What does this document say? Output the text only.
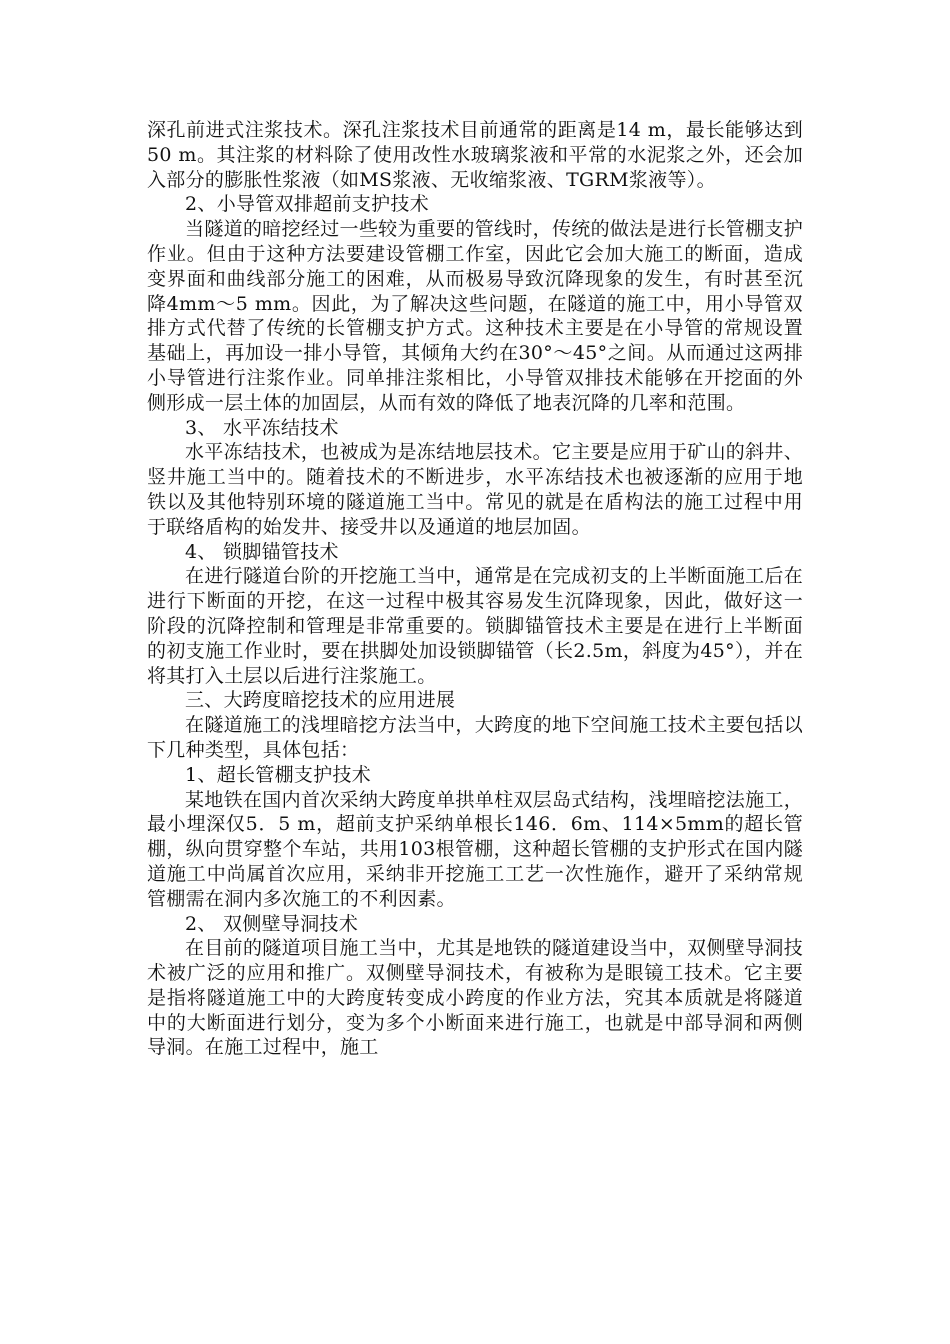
深孔前进式注浆技术。深孔注浆技术目前通常的距离是14 m，最长能够达到50 m。其注浆的材料除了使用改性水玻璃浆液和平常的水泥浆之外，还会加入部分的膨胀性浆液（如MS浆液、无收缩浆液、TGRM浆液等）。

2、小导管双排超前支护技术

当隧道的暗挖经过一些较为重要的管线时，传统的做法是进行长管棚支护作业。但由于这种方法要建设管棚工作室，因此它会加大施工的断面，造成变界面和曲线部分施工的困难，从而极易导致沉降现象的发生，有时甚至沉降4mm～5 mm。因此，为了解决这些问题，在隧道的施工中，用小导管双排方式代替了传统的长管棚支护方式。这种技术主要是在小导管的常规设置基础上，再加设一排小导管，其倾角大约在30°～45°之间。从而通过这两排小导管进行注浆作业。同单排注浆相比，小导管双排技术能够在开挖面的外侧形成一层土体的加固层，从而有效的降低了地表沉降的几率和范围。

3、 水平冻结技术

水平冻结技术，也被成为是冻结地层技术。它主要是应用于矿山的斜井、竖井施工当中的。随着技术的不断进步，水平冻结技术也被逐渐的应用于地铁以及其他特别环境的隧道施工当中。常见的就是在盾构法的施工过程中用于联络盾构的始发井、接受井以及通道的地层加固。

4、 锁脚锚管技术

在进行隧道台阶的开挖施工当中，通常是在完成初支的上半断面施工后在进行下断面的开挖，在这一过程中极其容易发生沉降现象，因此，做好这一阶段的沉降控制和管理是非常重要的。锁脚锚管技术主要是在进行上半断面的初支施工作业时，要在拱脚处加设锁脚锚管（长2.5m，斜度为45°），并在将其打入土层以后进行注浆施工。

三、大跨度暗挖技术的应用进展

在隧道施工的浅埋暗挖方法当中，大跨度的地下空间施工技术主要包括以下几种类型，具体包括：

1、超长管棚支护技术

某地铁在国内首次采纳大跨度单拱单柱双层岛式结构，浅埋暗挖法施工，最小埋深仅5．5 m，超前支护采纳单根长146．6m、114×5mm的超长管棚，纵向贯穿整个车站，共用103根管棚，这种超长管棚的支护形式在国内隧道施工中尚属首次应用，采纳非开挖施工工艺一次性施作，避开了采纳常规管棚需在洞内多次施工的不利因素。

2、 双侧壁导洞技术

在目前的隧道项目施工当中，尤其是地铁的隧道建设当中，双侧壁导洞技术被广泛的应用和推广。双侧壁导洞技术，有被称为是眼镜工技术。它主要是指将隧道施工中的大跨度转变成小跨度的作业方法，究其本质就是将隧道中的大断面进行划分，变为多个小断面来进行施工，也就是中部导洞和两侧导洞。在施工过程中，施工
